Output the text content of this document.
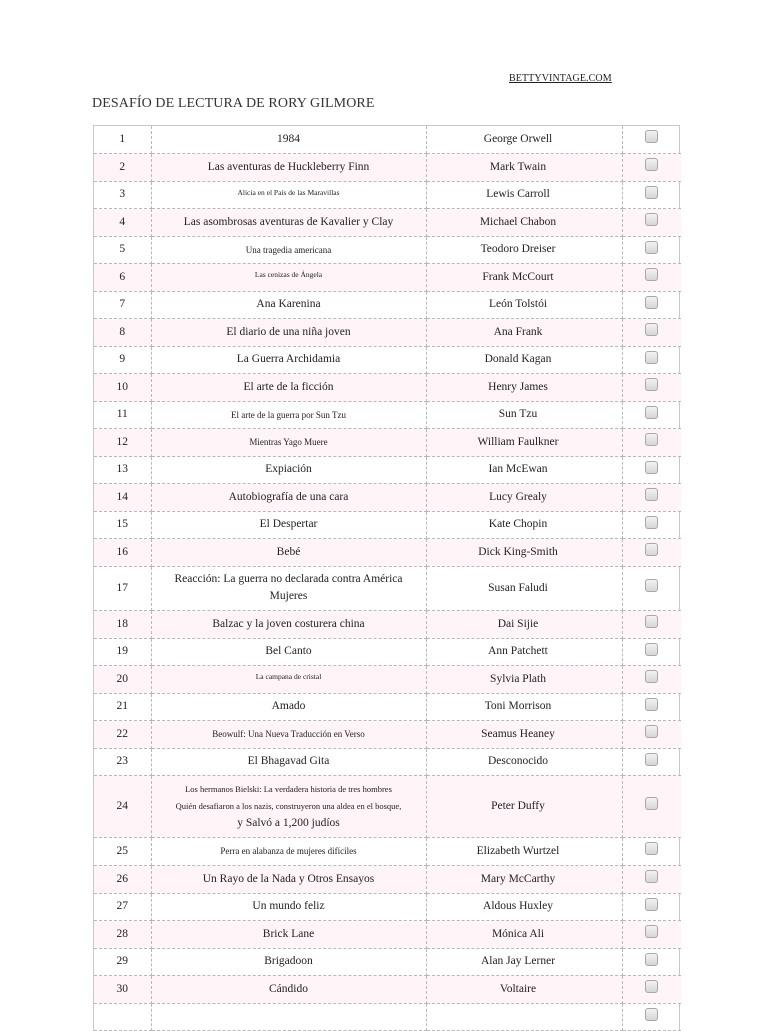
BETTYVINTAGE.COM
DESAFÍO DE LECTURA DE RORY GILMORE
1	1984	George Orwell	
2	Las aventuras de Huckleberry Finn	Mark Twain	
3	Alicia en el País de las Maravillas	Lewis Carroll	
4	Las asombrosas aventuras de Kavalier y Clay	Michael Chabon	
5	Una tragedia americana	Teodoro Dreiser	
6	Las cenizas de Ángela	Frank McCourt	
7	Ana Karenina	León Tolstói	
8	El diario de una niña joven	Ana Frank	
9	La Guerra Archidamia	Donald Kagan	
10	El arte de la ficción	Henry James	
11	El arte de la guerra por Sun Tzu	Sun Tzu	
12	Mientras Yago Muere	William Faulkner	
13	Expiación	Ian McEwan	
14	Autobiografía de una cara	Lucy Grealy	
15	El Despertar	Kate Chopin	
16	Bebé	Dick King-Smith	
17	Reacción: La guerra no declarada contra América Mujeres	Susan Faludi	
18	Balzac y la joven costurera china	Dai Sijie	
19	Bel Canto	Ann Patchett	
20	La campana de cristal	Sylvia Plath	
21	Amado	Toni Morrison	
22	Beowulf: Una Nueva Traducción en Verso	Seamus Heaney	
23	El Bhagavad Gita	Desconocido	
24	Los hermanos Bielski: La verdadera historia de tres hombres
Quién desafiaron a los nazis, construyeron una aldea en el bosque,
y Salvó a 1,200 judíos	Peter Duffy	
25	Perra en alabanza de mujeres difíciles	Elizabeth Wurtzel	
26	Un Rayo de la Nada y Otros Ensayos	Mary McCarthy	
27	Un mundo feliz	Aldous Huxley	
28	Brick Lane	Mónica Ali	
29	Brigadoon	Alan Jay Lerner	
30	Cándido	Voltaire	
